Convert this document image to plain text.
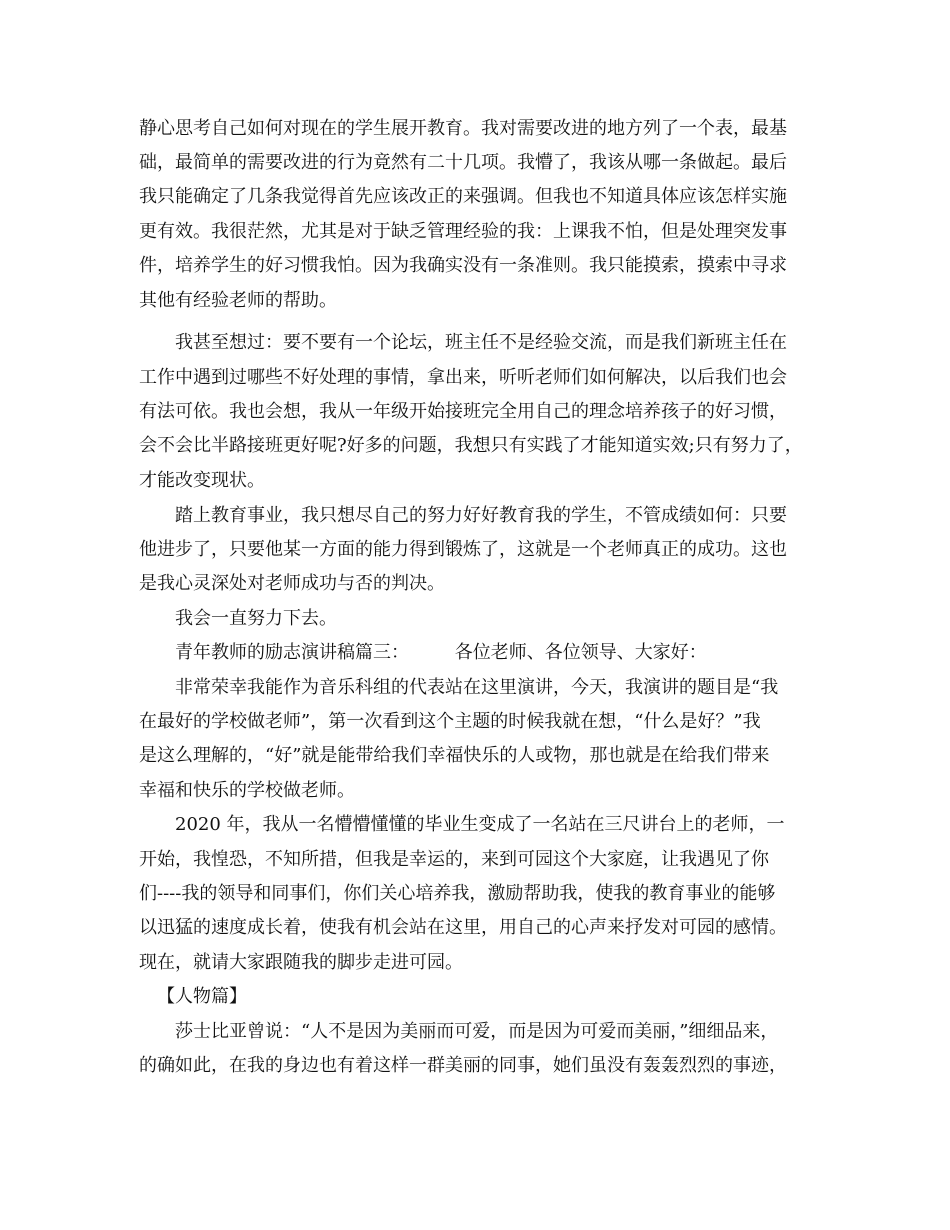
静心思考自己如何对现在的学生展开教育。我对需要改进的地方列了一个表，最基
础，最简单的需要改进的行为竟然有二十几项。我懵了，我该从哪一条做起。最后
我只能确定了几条我觉得首先应该改正的来强调。但我也不知道具体应该怎样实施
更有效。我很茫然，尤其是对于缺乏管理经验的我：上课我不怕，但是处理突发事
件，培养学生的好习惯我怕。因为我确实没有一条准则。我只能摸索，摸索中寻求
其他有经验老师的帮助。
我甚至想过：要不要有一个论坛，班主任不是经验交流，而是我们新班主任在
工作中遇到过哪些不好处理的事情，拿出来，听听老师们如何解决，以后我们也会
有法可依。我也会想，我从一年级开始接班完全用自己的理念培养孩子的好习惯，
会不会比半路接班更好呢?好多的问题，我想只有实践了才能知道实效;只有努力了，
才能改变现状。
踏上教育事业，我只想尽自己的努力好好教育我的学生，不管成绩如何：只要
他进步了，只要他某一方面的能力得到锻炼了，这就是一个老师真正的成功。这也
是我心灵深处对老师成功与否的判决。
我会一直努力下去。
青年教师的励志演讲稿篇三：        各位老师、各位领导、大家好：
非常荣幸我能作为音乐科组的代表站在这里演讲，今天，我演讲的题目是“我
在最好的学校做老师”，第一次看到这个主题的时候我就在想，“什么是好？”我
是这么理解的，“好”就是能带给我们幸福快乐的人或物，那也就是在给我们带来
幸福和快乐的学校做老师。
2020 年，我从一名懵懵懂懂的毕业生变成了一名站在三尺讲台上的老师，一
开始，我惶恐，不知所措，但我是幸运的，来到可园这个大家庭，让我遇见了你
们----我的领导和同事们，你们关心培养我，激励帮助我，使我的教育事业的能够
以迅猛的速度成长着，使我有机会站在这里，用自己的心声来抒发对可园的感情。
现在，就请大家跟随我的脚步走进可园。
【人物篇】
莎士比亚曾说：“人不是因为美丽而可爱，而是因为可爱而美丽，”细细品来，
的确如此，在我的身边也有着这样一群美丽的同事，她们虽没有轰轰烈烈的事迹，
